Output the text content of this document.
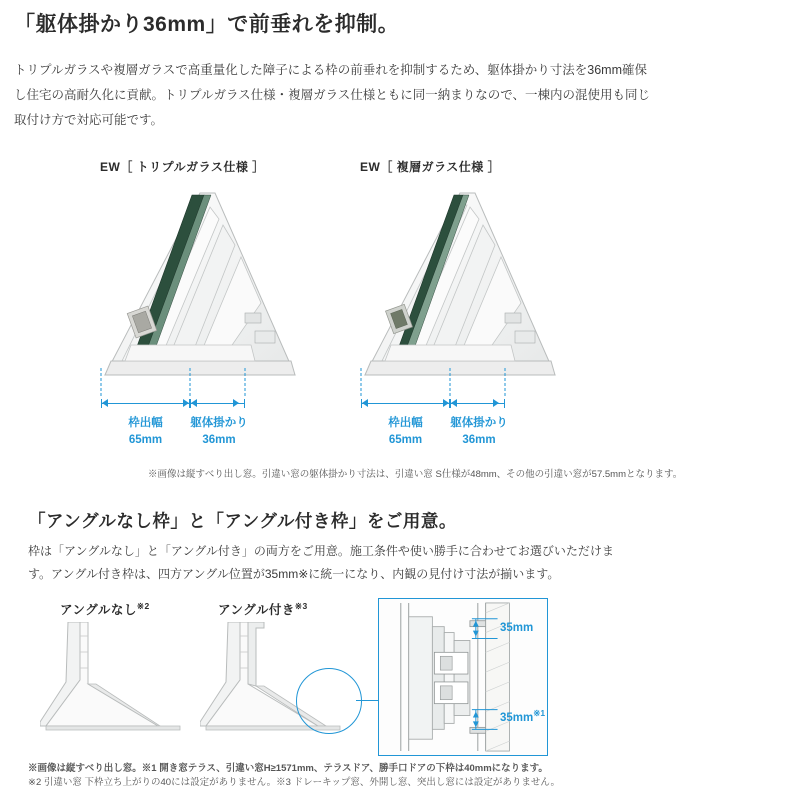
「躯体掛かり36mm」で前垂れを抑制。
トリプルガラスや複層ガラスで高重量化した障子による枠の前垂れを抑制するため、躯体掛かり寸法を36mm確保し住宅の高耐久化に貢献。トリプルガラス仕様・複層ガラス仕様ともに同一納まりなので、一棟内の混使用も同じ取付け方で対応可能です。
EW［ トリプルガラス仕様 ］	EW［ 複層ガラス仕様 ］
枠出幅
65mm
躯体掛かり
36mm
枠出幅
65mm
躯体掛かり
36mm
※画像は縦すべり出し窓。引違い窓の躯体掛かり寸法は、引違い窓 S仕様が48mm、その他の引違い窓が57.5mmとなります。
「アングルなし枠」と「アングル付き枠」をご用意。
枠は「アングルなし」と「アングル付き」の両方をご用意。施工条件や使い勝手に合わせてお選びいただけます。アングル付き枠は、四方アングル位置が35mm※に統一になり、内観の見付け寸法が揃います。
アングルなし$^{※2}$	アングル付き$^{※3}$
35mm
$35mm^{※1}$
※画像は縦すべり出し窓。※1 開き窓テラス、引違い窓H≥1571mm、テラスドア、勝手口ドアの下枠は40mmになります。
※2 引違い窓 下枠立ち上がりの40には設定がありません。※3 ドレーキップ窓、外開し窓、突出し窓には設定がありません。
